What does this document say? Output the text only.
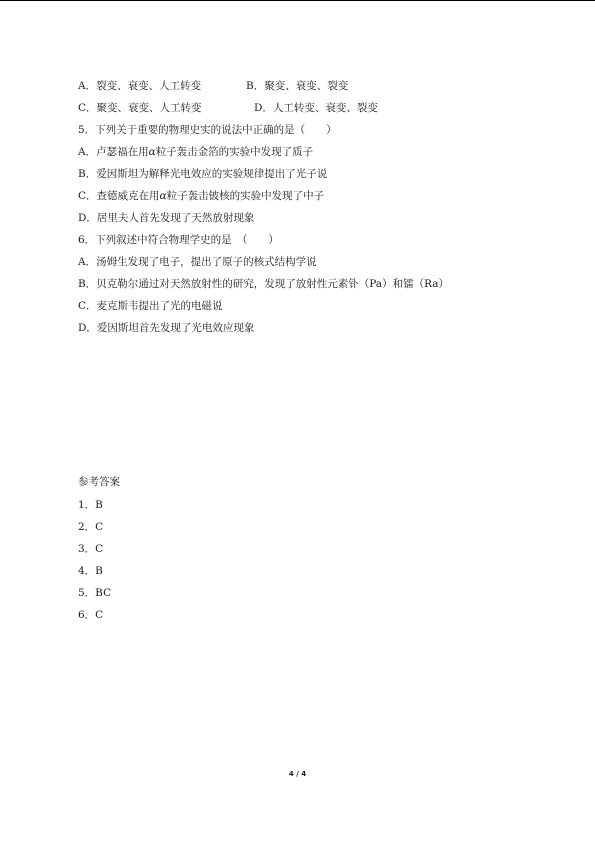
A．裂变、衰变、人工转变	B．聚变、衰变、裂变
C．聚变、衰变、人工转变	D．人工转变、衰变、裂变
5．下列关于重要的物理史实的说法中正确的是（　　）
A．卢瑟福在用α粒子轰击金箔的实验中发现了质子
B．爱因斯坦为解释光电效应的实验规律提出了光子说
C．查德威克在用α粒子轰击铍核的实验中发现了中子
D．居里夫人首先发现了天然放射现象
6．下列叙述中符合物理学史的是　（　　）
A．汤姆生发现了电子，提出了原子的核式结构学说
B．贝克勒尔通过对天然放射性的研究，发现了放射性元素钋（Pa）和镭（Ra）
C．麦克斯韦提出了光的电磁说
D．爱因斯坦首先发现了光电效应现象
参考答案
1．B
2．C
3．C
4．B
5．BC
6．C
4 / 4
